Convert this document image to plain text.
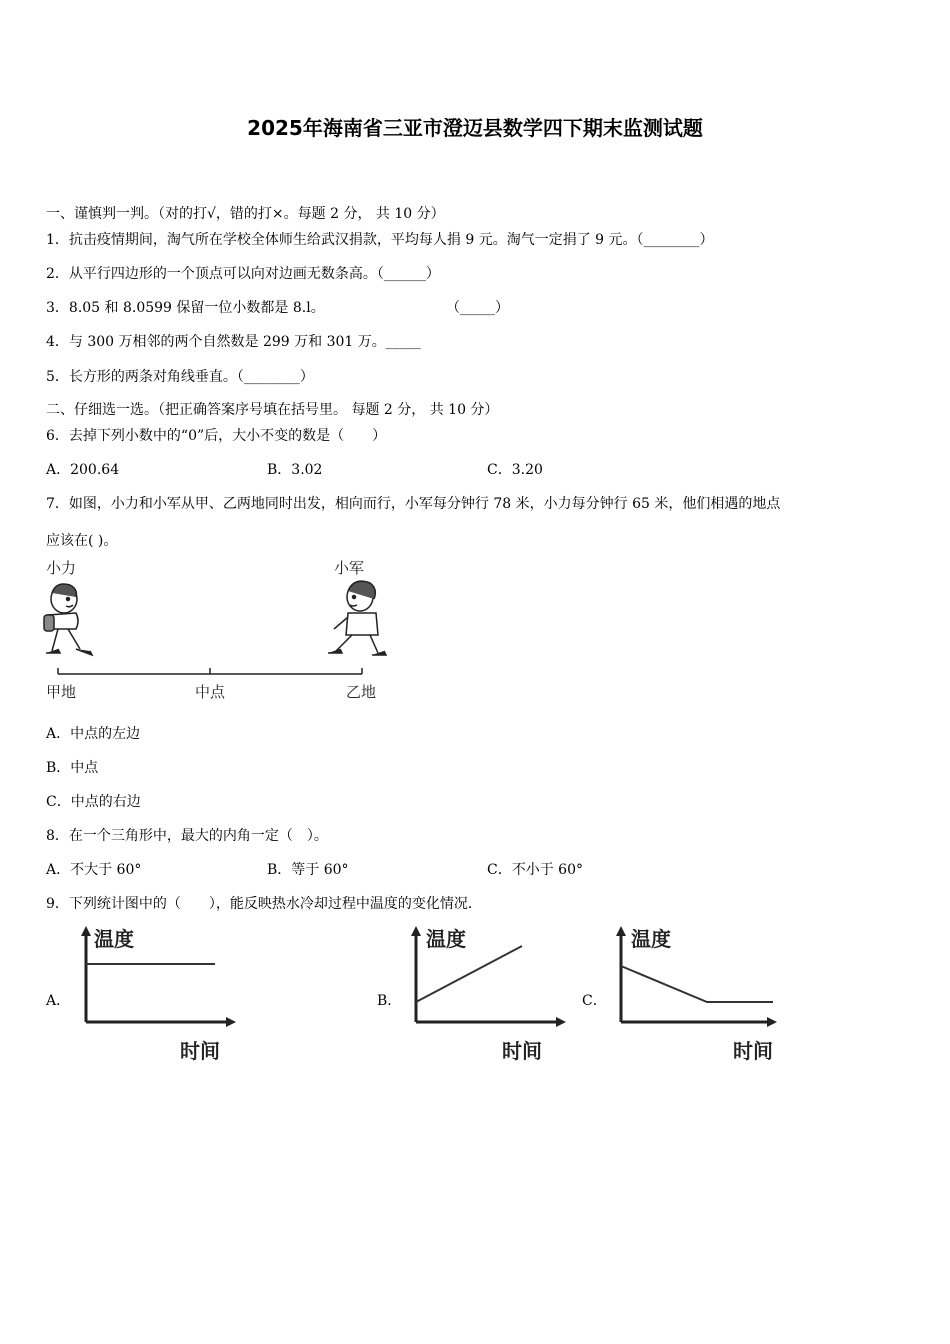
2025年海南省三亚市澄迈县数学四下期末监测试题
一、谨慎判一判。（对的打√，错的打×。每题 2 分， 共 10 分）
1．抗击疫情期间，淘气所在学校全体师生给武汉捐款，平均每人捐 9 元。淘气一定捐了 9 元。（________）
2．从平行四边形的一个顶点可以向对边画无数条高。（______）
3．8.05 和 8.0599 保留一位小数都是 8.l。	（_____）
4．与 300 万相邻的两个自然数是 299 万和 301 万。_____
5．长方形的两条对角线垂直。（________）
二、仔细选一选。（把正确答案序号填在括号里。 每题 2 分， 共 10 分）
6．去掉下列小数中的“0”后，大小不变的数是（　　）
A．200.64	B．3.02	C．3.20
7．如图，小力和小军从甲、乙两地同时出发，相向而行，小军每分钟行 78 米，小力每分钟行 65 米，他们相遇的地点
应该在( )。
小力	小军
甲地	中点	乙地
A．中点的左边
B．中点
C．中点的右边
8．在一个三角形中，最大的内角一定（　）。
A．不大于 60°	B．等于 60°	C．不小于 60°
9．下列统计图中的（　　），能反映热水冷却过程中温度的变化情况．
A．	B．	C．
温度
时间
温度
时间
温度
时间
